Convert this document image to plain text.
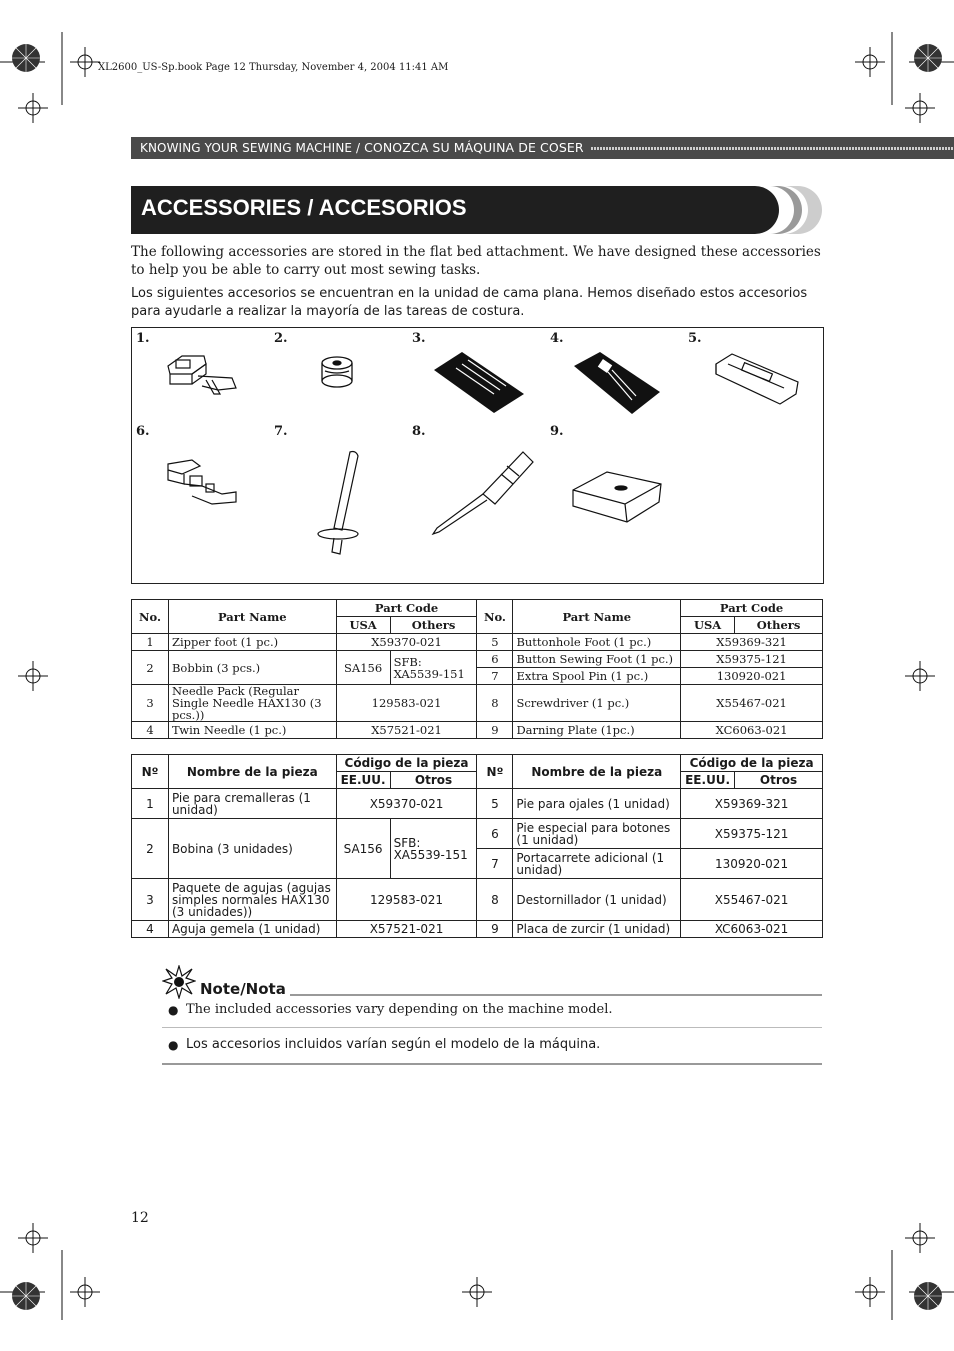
XL2600_US-Sp.book Page 12 Thursday, November 4, 2004 11:41 AM
KNOWING YOUR SEWING MACHINE / CONOZCA SU MÁQUINA DE COSER
ACCESSORIES / ACCESORIOS
The following accessories are stored in the flat bed attachment. We have designed these accessories to help you be able to carry out most sewing tasks.
Los siguientes accesorios se encuentran en la unidad de cama plana. Hemos diseñado estos accesorios para ayudarle a realizar la mayoría de las tareas de costura.
1.	2.	3.	4.	5.
6.	7.	8.	9.
No.	Part Name	Part Code		No.	Part Name	Part Code	
		USA	Others			USA	Others
1	Zipper foot (1 pc.)	X59370-021		5	Buttonhole Foot (1 pc.)	X59369-321	
2	Bobbin (3 pcs.)	SA156	SFB: XA5539-151	6	Button Sewing Foot (1 pc.)	X59375-121	
				7	Extra Spool Pin (1 pc.)	130920-021	
3	Needle Pack (Regular Single Needle HAX130 (3 pcs.))	129583-021		8	Screwdriver (1 pc.)	X55467-021	
4	Twin Needle (1 pc.)	X57521-021		9	Darning Plate (1pc.)	XC6063-021	
Nº	Nombre de la pieza	Código de la pieza		Nº	Nombre de la pieza	Código de la pieza	
		EE.UU.	Otros			EE.UU.	Otros
1	Pie para cremalleras (1 unidad)	X59370-021		5	Pie para ojales (1 unidad)	X59369-321	
2	Bobina (3 unidades)	SA156	SFB: XA5539-151	6	Pie especial para botones (1 unidad)	X59375-121	
				7	Portacarrete adicional (1 unidad)	130920-021	
3	Paquete de agujas (agujas simples normales HAX130 (3 unidades))	129583-021		8	Destornillador (1 unidad)	X55467-021	
4	Aguja gemela (1 unidad)	X57521-021		9	Placa de zurcir (1 unidad)	XC6063-021	
Note/Nota
● The included accessories vary depending on the machine model.
● Los accesorios incluidos varían según el modelo de la máquina.
12
